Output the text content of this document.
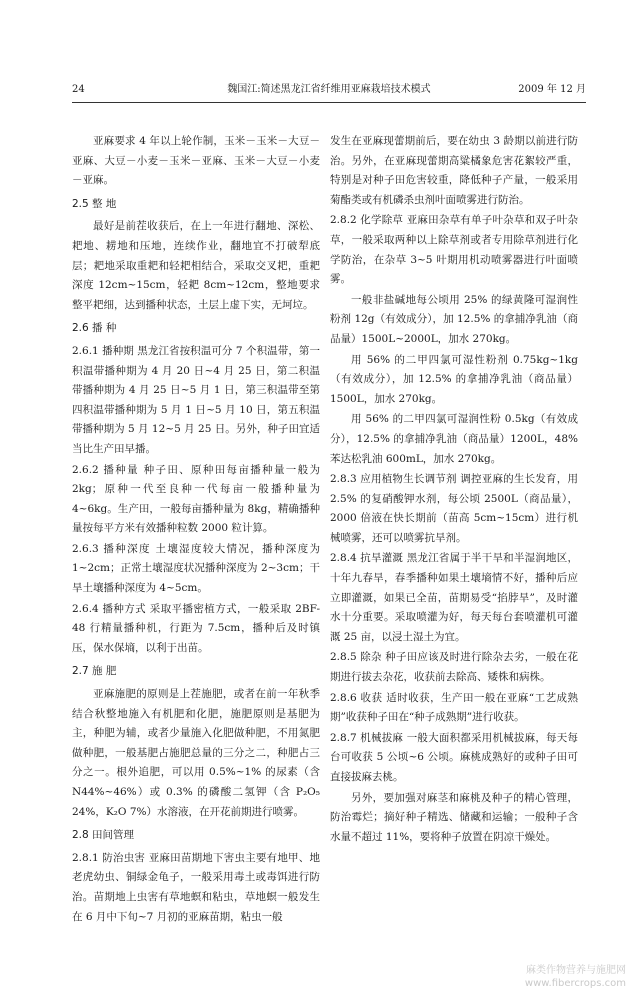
24	魏国江:简述黑龙江省纤维用亚麻栽培技术模式	2009 年 12 月

亚麻要求 4 年以上轮作制，玉米－玉米－大豆－亚麻、大豆－小麦－玉米－亚麻、玉米－大豆－小麦－亚麻。

2.5 整 地

最好是前茬收获后，在上一年进行翻地、深松、耙地、耢地和压地，连续作业，翻地宜不打破犁底层；耙地采取重耙和轻耙相结合，采取交叉耙，重耙深度 12cm~15cm，轻耙 8cm~12cm，整地要求整平耙细，达到播种状态，土层上虚下实，无坷垃。

2.6 播 种

2.6.1 播种期 黑龙江省按积温可分 7 个积温带，第一积温带播种期为 4 月 20 日~4 月 25 日，第二积温带播种期为 4 月 25 日~5 月 1 日，第三积温带至第四积温带播种期为 5 月 1 日~5 月 10 日，第五积温带播种期为 5 月 12~5 月 25 日。另外，种子田宜适当比生产田早播。

2.6.2 播种量 种子田、原种田每亩播种量一般为 2kg；原种一代至良种一代每亩一般播种量为 4~6kg。生产田，一般每亩播种量为 8kg，精确播种量按每平方米有效播种粒数 2000 粒计算。

2.6.3 播种深度 土壤湿度较大情况，播种深度为 1~2cm；正常土壤湿度状况播种深度为 2~3cm；干旱土壤播种深度为 4~5cm。

2.6.4 播种方式 采取平播密植方式，一般采取 2BF-48 行精量播种机，行距为 7.5cm，播种后及时镇压，保水保墒，以利于出苗。

2.7 施 肥

亚麻施肥的原则是上茬施肥，或者在前一年秋季结合秋整地施入有机肥和化肥，施肥原则是基肥为主，种肥为辅，或者少量施入化肥做种肥，不用氮肥做种肥，一般基肥占施肥总量的三分之二，种肥占三分之一。根外追肥，可以用 0.5%~1% 的尿素（含 N44%~46%）或 0.3% 的磷酸二氢钾（含 P₂O₅ 24%，K₂O 7%）水溶液，在开花前期进行喷雾。

2.8 田间管理

2.8.1 防治虫害 亚麻田苗期地下害虫主要有地甲、地老虎幼虫、铜绿金龟子，一般采用毒土或毒饵进行防治。苗期地上虫害有草地螟和粘虫，草地螟一般发生在 6 月中下旬~7 月初的亚麻苗期，粘虫一般

发生在亚麻现蕾期前后，要在幼虫 3 龄期以前进行防治。另外，在亚麻现蕾期高粱橘象危害花絮较严重，特别是对种子田危害较重，降低种子产量，一般采用菊酯类或有机磷杀虫剂叶面喷雾进行防治。

2.8.2 化学除草 亚麻田杂草有单子叶杂草和双子叶杂草，一般采取两种以上除草剂或者专用除草剂进行化学防治，在杂草 3~5 叶期用机动喷雾器进行叶面喷雾。

一般非盐碱地每公顷用 25% 的绿黄隆可湿润性粉剂 12g（有效成分），加 12.5% 的拿捕净乳油（商品量）1500L~2000L，加水 270kg。

用 56% 的二甲四氯可湿性粉剂 0.75kg~1kg（有效成分），加 12.5% 的拿捕净乳油（商品量）1500L，加水 270kg。

用 56% 的二甲四氯可湿润性粉 0.5kg（有效成分），12.5% 的拿捕净乳油（商品量）1200L，48% 苯达松乳油 600mL，加水 270kg。

2.8.3 应用植物生长调节剂 调控亚麻的生长发育，用 2.5% 的复硝酸钾水剂，每公顷 2500L（商品量），2000 倍液在快长期前（苗高 5cm~15cm）进行机械喷雾，还可以喷雾抗旱剂。

2.8.4 抗旱灌溉 黑龙江省属于半干旱和半湿润地区，十年九春旱，春季播种如果土壤墒情不好，播种后应立即灌溉，如果已全苗，苗期易受“掐脖旱”，及时灌水十分重要。采取喷灌为好，每天每台套喷灌机可灌溉 25 亩，以浸土湿土为宜。

2.8.5 除杂 种子田应该及时进行除杂去劣，一般在花期进行拔去杂花，收获前去除高、矮株和病株。

2.8.6 收获 适时收获，生产田一般在亚麻“工艺成熟期”收获种子田在“种子成熟期”进行收获。

2.8.7 机械拔麻 一般大面积都采用机械拔麻，每天每台可收获 5 公顷~6 公顷。麻桃成熟好的或种子田可直接拔麻去桃。

另外，要加强对麻茎和麻桃及种子的精心管理，防治霉烂；摘好种子精选、储藏和运输；一般种子含水量不超过 11%，要将种子放置在阴凉干燥处。

麻类作物营养与施肥网
www.fibercrops.com
